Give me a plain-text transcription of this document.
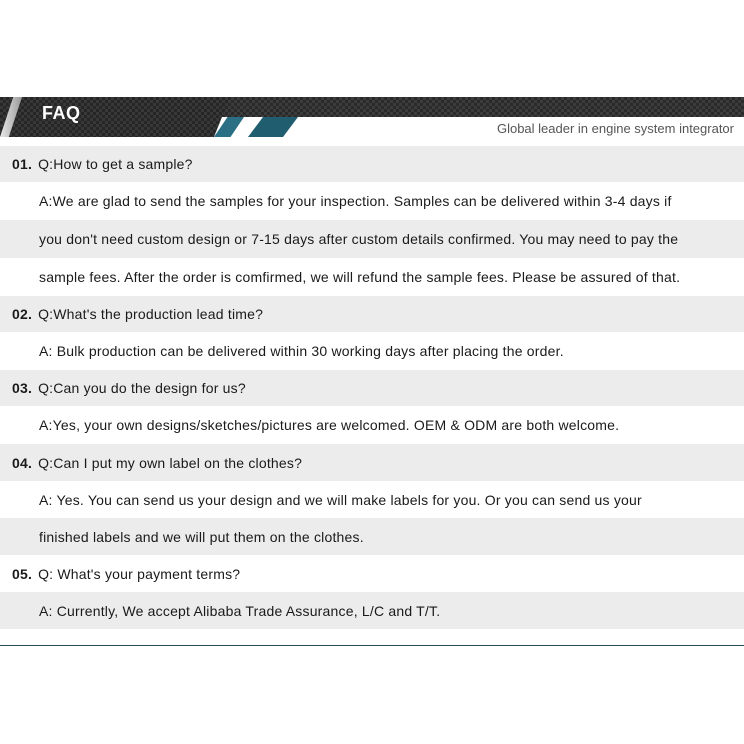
FAQ
Global leader in engine system integrator
01. Q:How to get a sample?
A:We are glad to send the samples for your inspection. Samples can be delivered within 3-4 days if
you don't need custom design or 7-15 days after custom details confirmed. You may need to pay the
sample fees. After the order is comfirmed, we will refund the sample fees. Please be assured of that.
02. Q:What's the production lead time?
A: Bulk production can be delivered within 30 working days after placing the order.
03. Q:Can you do the design for us?
A:Yes, your own designs/sketches/pictures are welcomed. OEM & ODM are both welcome.
04. Q:Can I put my own label on the clothes?
A: Yes. You can send us your design and we will make labels for you. Or you can send us your
finished labels and we will put them on the clothes.
05. Q: What's your payment terms?
A: Currently, We accept Alibaba Trade Assurance, L/C and T/T.
